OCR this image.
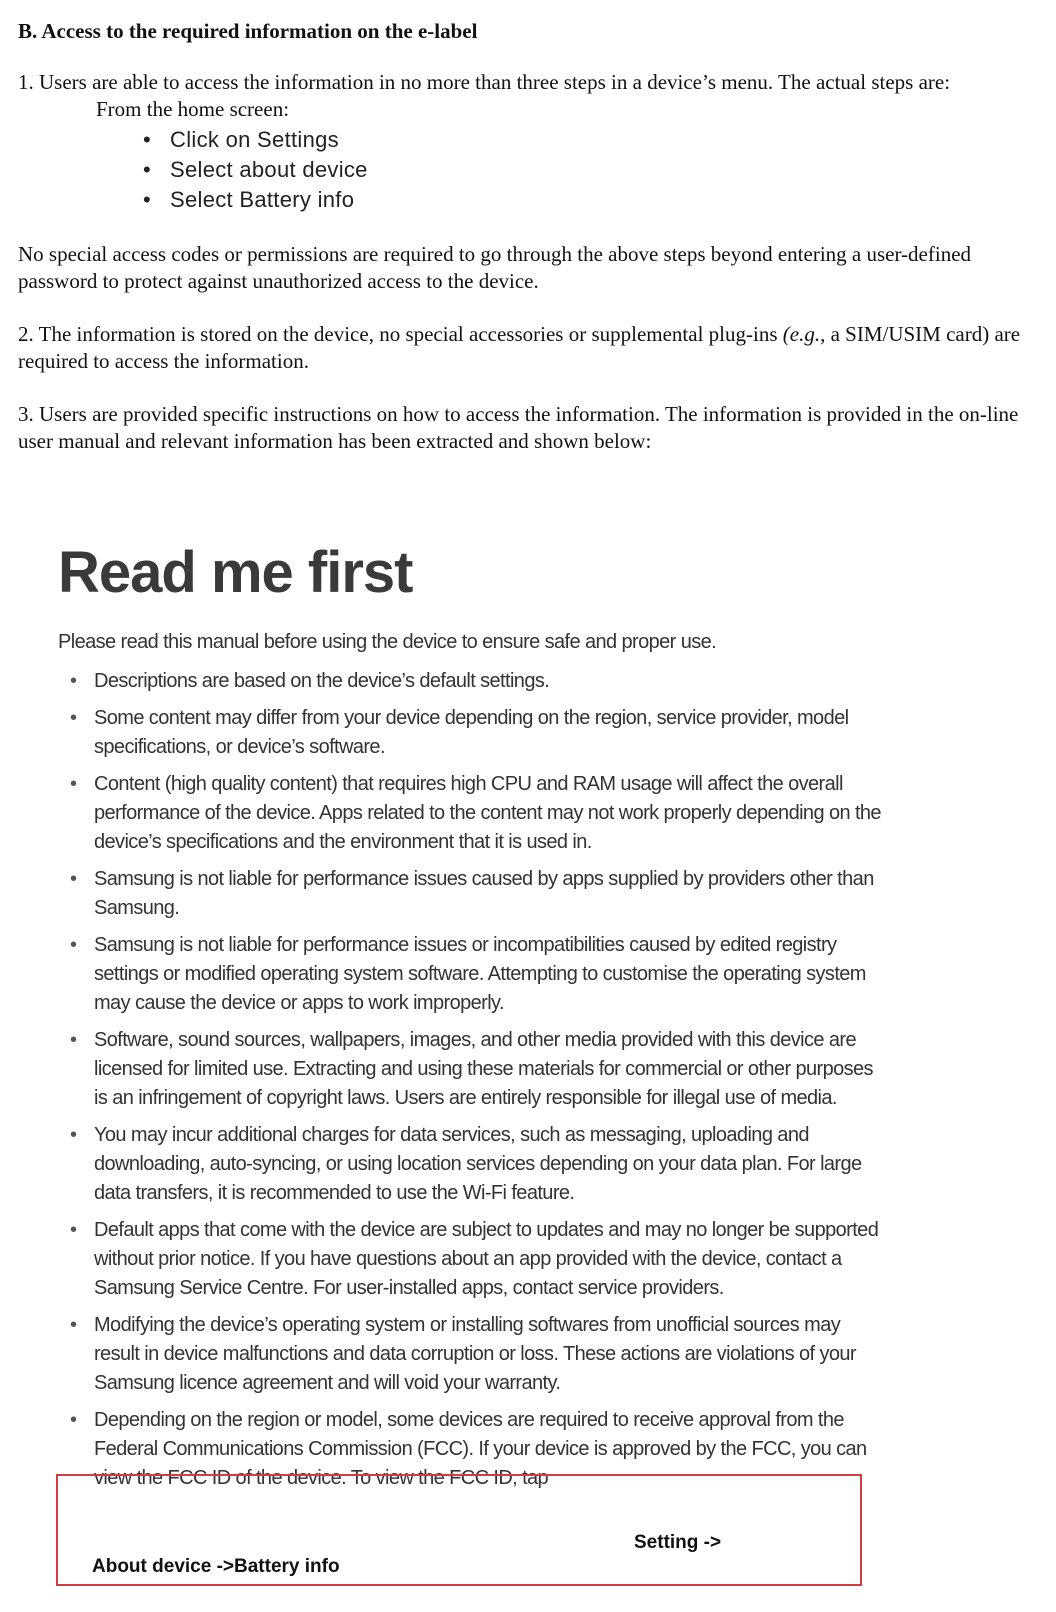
B. Access to the required information on the e-label

1. Users are able to access the information in no more than three steps in a device’s menu. The actual steps are:

From the home screen:
• Click on Settings
• Select about device
• Select Battery info

No special access codes or permissions are required to go through the above steps beyond entering a user-defined password to protect against unauthorized access to the device.

2. The information is stored on the device, no special accessories or supplemental plug-ins (e.g., a SIM/USIM card) are required to access the information.

3. Users are provided specific instructions on how to access the information. The information is provided in the on-line user manual and relevant information has been extracted and shown below:

Read me first

Please read this manual before using the device to ensure safe and proper use.

• Descriptions are based on the device’s default settings.
• Some content may differ from your device depending on the region, service provider, model specifications, or device’s software.
• Content (high quality content) that requires high CPU and RAM usage will affect the overall performance of the device. Apps related to the content may not work properly depending on the device’s specifications and the environment that it is used in.
• Samsung is not liable for performance issues caused by apps supplied by providers other than Samsung.
• Samsung is not liable for performance issues or incompatibilities caused by edited registry settings or modified operating system software. Attempting to customise the operating system may cause the device or apps to work improperly.
• Software, sound sources, wallpapers, images, and other media provided with this device are licensed for limited use. Extracting and using these materials for commercial or other purposes is an infringement of copyright laws. Users are entirely responsible for illegal use of media.
• You may incur additional charges for data services, such as messaging, uploading and downloading, auto-syncing, or using location services depending on your data plan. For large data transfers, it is recommended to use the Wi-Fi feature.
• Default apps that come with the device are subject to updates and may no longer be supported without prior notice. If you have questions about an app provided with the device, contact a Samsung Service Centre. For user-installed apps, contact service providers.
• Modifying the device’s operating system or installing softwares from unofficial sources may result in device malfunctions and data corruption or loss. These actions are violations of your Samsung licence agreement and will void your warranty.
• Depending on the region or model, some devices are required to receive approval from the Federal Communications Commission (FCC). If your device is approved by the FCC, you can view the FCC ID of the device. To view the FCC ID, tap
Setting ->
About device ->Battery info
